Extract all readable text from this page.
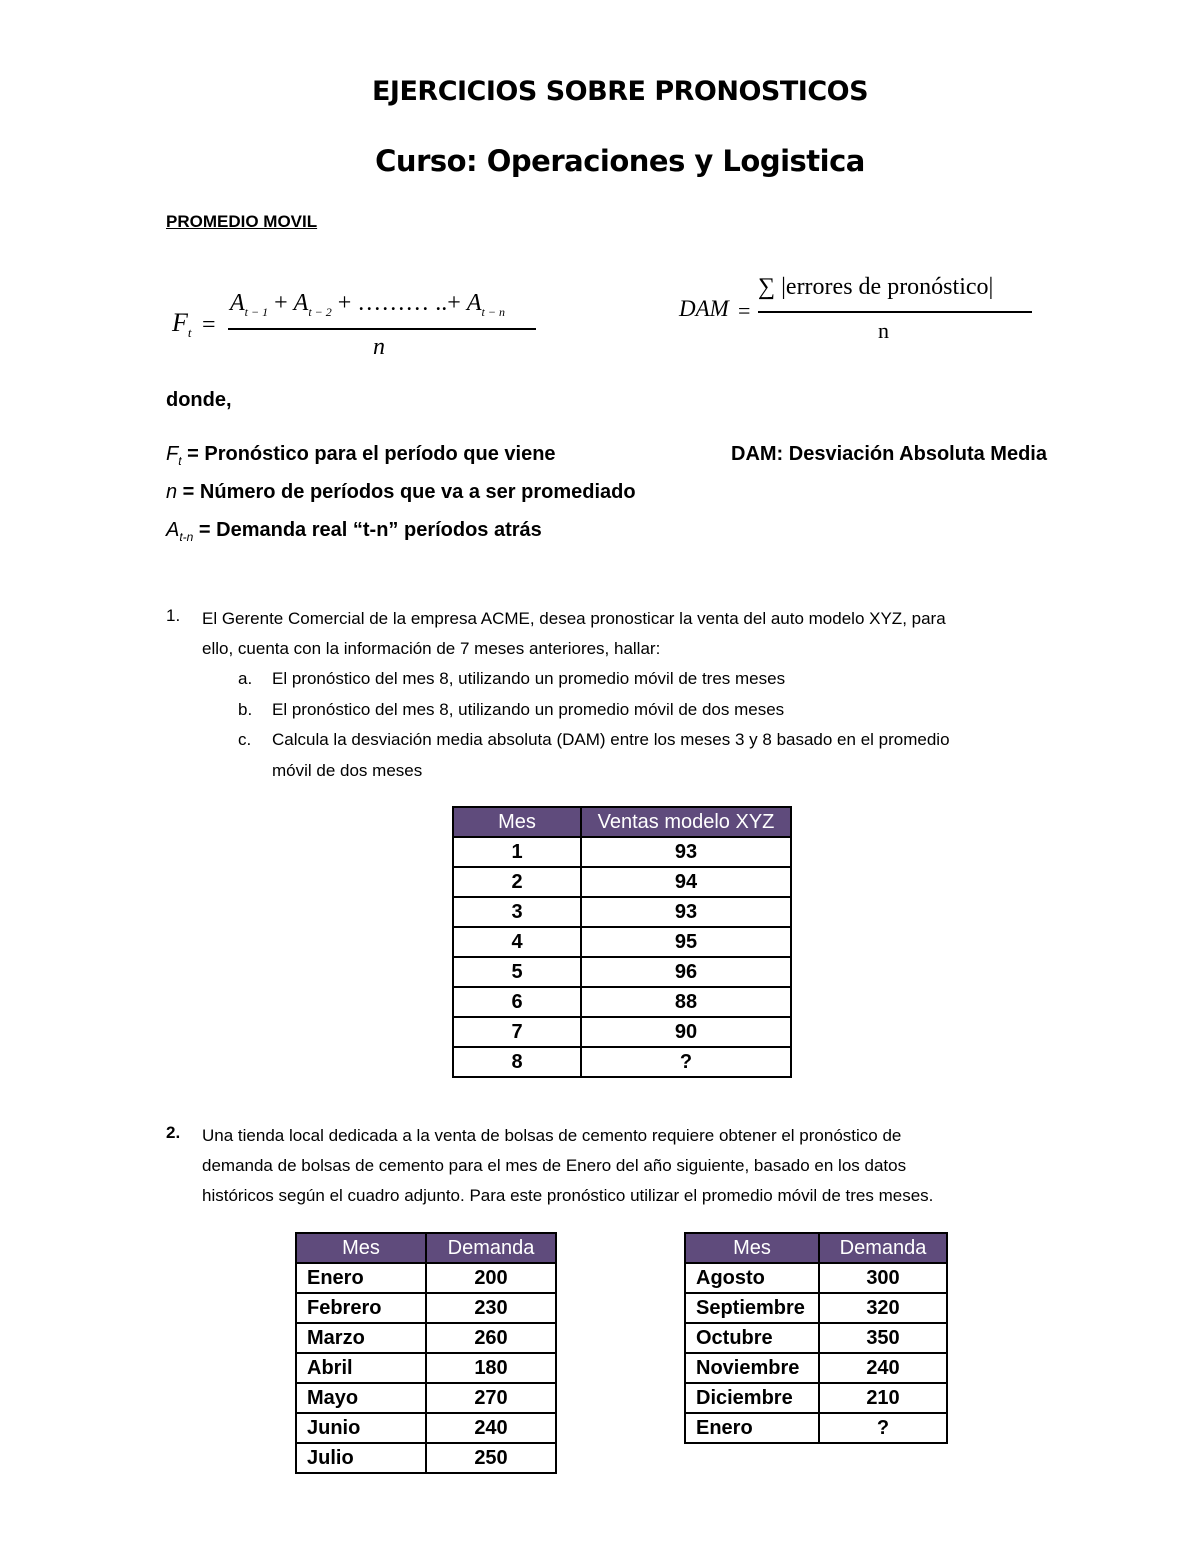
EJERCICIOS SOBRE PRONOSTICOS
Curso: Operaciones y Logistica
PROMEDIO MOVIL
$F_t$ =
$A_{t - 1} + A_{t - 2}$ + ……… ..+ $A_{t - n}$
n
DAM =
∑ |errores de pronóstico|
n
donde,
$F_t$ = Pronóstico para el período que viene
n = Número de períodos que va a ser promediado
$A_{t-n}$ = Demanda real “t-n” períodos atrás
DAM: Desviación Absoluta Media
1. El Gerente Comercial de la empresa ACME, desea pronosticar la venta del auto modelo XYZ, para
ello, cuenta con la información de 7 meses anteriores, hallar:
a. El pronóstico del mes 8, utilizando un promedio móvil de tres meses
b. El pronóstico del mes 8, utilizando un promedio móvil de dos meses
c. Calcula la desviación media absoluta (DAM) entre los meses 3 y 8 basado en el promedio
móvil de dos meses
Mes	Ventas modelo XYZ
1	93
2	94
3	93
4	95
5	96
6	88
7	90
8	?
2. Una tienda local dedicada a la venta de bolsas de cemento requiere obtener el pronóstico de
demanda de bolsas de cemento para el mes de Enero del año siguiente, basado en los datos
históricos según el cuadro adjunto. Para este pronóstico utilizar el promedio móvil de tres meses.
Mes	Demanda
Enero	200
Febrero	230
Marzo	260
Abril	180
Mayo	270
Junio	240
Julio	250
Mes	Demanda
Agosto	300
Septiembre	320
Octubre	350
Noviembre	240
Diciembre	210
Enero	?
